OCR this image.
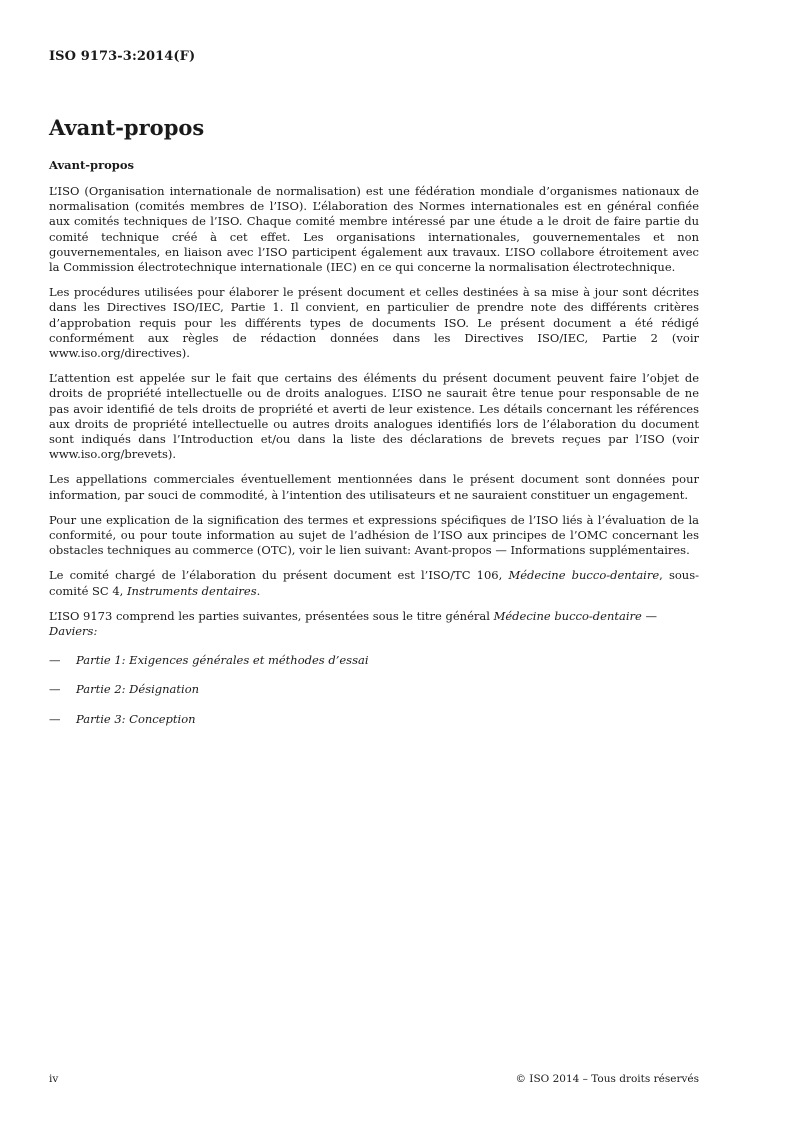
ISO 9173-3:2014(F)
Avant-propos
Avant-propos

L’ISO (Organisation internationale de normalisation) est une fédération mondiale d’organismes nationaux de normalisation (comités membres de l’ISO). L’élaboration des Normes internationales est en général confiée aux comités techniques de l’ISO. Chaque comité membre intéressé par une étude a le droit de faire partie du comité technique créé à cet effet. Les organisations internationales, gouvernementales et non gouvernementales, en liaison avec l’ISO participent également aux travaux. L’ISO collabore étroitement avec la Commission électrotechnique internationale (IEC) en ce qui concerne la normalisation électrotechnique.

Les procédures utilisées pour élaborer le présent document et celles destinées à sa mise à jour sont décrites dans les Directives ISO/IEC, Partie 1. Il convient, en particulier de prendre note des différents critères d’approbation requis pour les différents types de documents ISO. Le présent document a été rédigé conformément aux règles de rédaction données dans les Directives ISO/IEC, Partie 2 (voir www.iso.org/directives).

L’attention est appelée sur le fait que certains des éléments du présent document peuvent faire l’objet de droits de propriété intellectuelle ou de droits analogues. L’ISO ne saurait être tenue pour responsable de ne pas avoir identifié de tels droits de propriété et averti de leur existence. Les détails concernant les références aux droits de propriété intellectuelle ou autres droits analogues identifiés lors de l’élaboration du document sont indiqués dans l’Introduction et/ou dans la liste des déclarations de brevets reçues par l’ISO (voir www.iso.org/brevets).

Les appellations commerciales éventuellement mentionnées dans le présent document sont données pour information, par souci de commodité, à l’intention des utilisateurs et ne sauraient constituer un engagement.

Pour une explication de la signification des termes et expressions spécifiques de l’ISO liés à l’évaluation de la conformité, ou pour toute information au sujet de l’adhésion de l’ISO aux principes de l’OMC concernant les obstacles techniques au commerce (OTC), voir le lien suivant: Avant-propos — Informations supplémentaires.

Le comité chargé de l’élaboration du présent document est l’ISO/TC 106, Médecine bucco-dentaire, sous-comité SC 4, Instruments dentaires.

L’ISO 9173 comprend les parties suivantes, présentées sous le titre général Médecine bucco-dentaire — Daviers:

— Partie 1: Exigences générales et méthodes d’essai
— Partie 2: Désignation
— Partie 3: Conception
iv	© ISO 2014 – Tous droits réservés
